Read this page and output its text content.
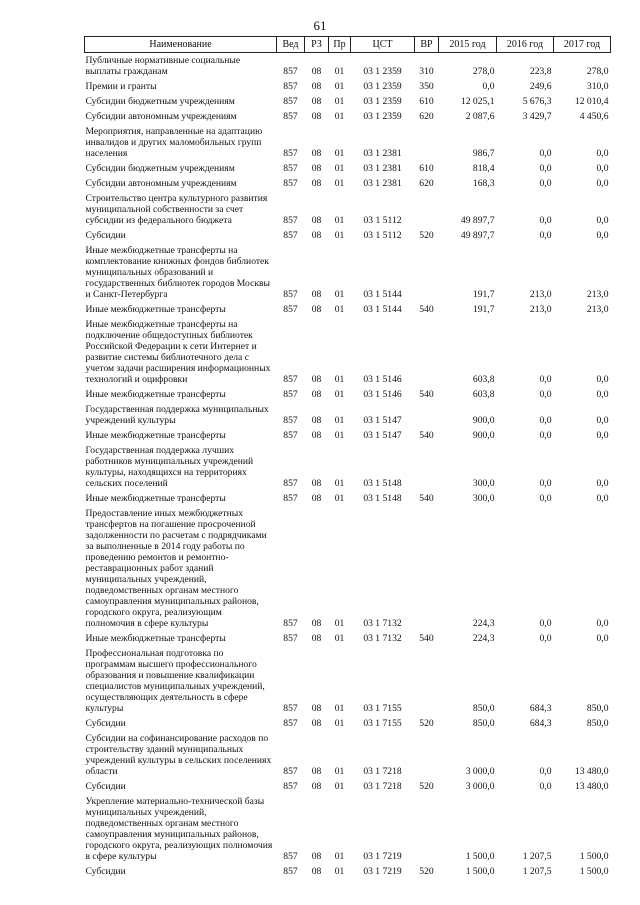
61
Наименование	Вед	РЗ	Пр	ЦСТ	ВР	2015 год	2016 год	2017 год
Публичные нормативные социальные выплаты гражданам	857	08	01	03 1 2359	310	278,0	223,8	278,0
Премии и гранты	857	08	01	03 1 2359	350	0,0	249,6	310,0
Субсидии бюджетным учреждениям	857	08	01	03 1 2359	610	12 025,1	5 676,3	12 010,4
Субсидии автономным учреждениям	857	08	01	03 1 2359	620	2 087,6	3 429,7	4 450,6
Мероприятия, направленные на адаптацию инвалидов и других маломобильных групп населения	857	08	01	03 1 2381		986,7	0,0	0,0
Субсидии бюджетным учреждениям	857	08	01	03 1 2381	610	818,4	0,0	0,0
Субсидии автономным учреждениям	857	08	01	03 1 2381	620	168,3	0,0	0,0
Строительство центра культурного развития муниципальной собственности за счет субсидии из федерального бюджета	857	08	01	03 1 5112		49 897,7	0,0	0,0
Субсидии	857	08	01	03 1 5112	520	49 897,7	0,0	0,0
Иные межбюджетные трансферты на комплектование книжных фондов библиотек муниципальных образований и государственных библиотек городов Москвы и Санкт-Петербурга	857	08	01	03 1 5144		191,7	213,0	213,0
Иные межбюджетные трансферты	857	08	01	03 1 5144	540	191,7	213,0	213,0
Иные межбюджетные трансферты на подключение общедоступных библиотек Российской Федерации к сети Интернет и развитие системы библиотечного дела с учетом задачи расширения информационных технологий и оцифровки	857	08	01	03 1 5146		603,8	0,0	0,0
Иные межбюджетные трансферты	857	08	01	03 1 5146	540	603,8	0,0	0,0
Государственная поддержка муниципальных учреждений культуры	857	08	01	03 1 5147		900,0	0,0	0,0
Иные межбюджетные трансферты	857	08	01	03 1 5147	540	900,0	0,0	0,0
Государственная поддержка лучших работников муниципальных учреждений культуры, находящихся на территориях сельских поселений	857	08	01	03 1 5148		300,0	0,0	0,0
Иные межбюджетные трансферты	857	08	01	03 1 5148	540	300,0	0,0	0,0
Предоставление иных межбюджетных трансфертов на погашение просроченной задолженности по расчетам с подрядчиками за выполненные в 2014 году работы по проведению ремонтов и ремонтно-реставрационных работ зданий муниципальных учреждений, подведомственных органам местного самоуправления муниципальных районов, городского округа, реализующим полномочия в сфере культуры	857	08	01	03 1 7132		224,3	0,0	0,0
Иные межбюджетные трансферты	857	08	01	03 1 7132	540	224,3	0,0	0,0
Профессиональная подготовка по программам высшего профессионального образования и повышение квалификации специалистов муниципальных учреждений, осуществляющих деятельность в сфере культуры	857	08	01	03 1 7155		850,0	684,3	850,0
Субсидии	857	08	01	03 1 7155	520	850,0	684,3	850,0
Субсидии на софинансирование расходов по строительству зданий муниципальных учреждений культуры в сельских поселениях области	857	08	01	03 1 7218		3 000,0	0,0	13 480,0
Субсидии	857	08	01	03 1 7218	520	3 000,0	0,0	13 480,0
Укрепление материально-технической базы муниципальных учреждений, подведомственных органам местного самоуправления муниципальных районов, городского округа, реализующих полномочия в сфере культуры	857	08	01	03 1 7219		1 500,0	1 207,5	1 500,0
Субсидии	857	08	01	03 1 7219	520	1 500,0	1 207,5	1 500,0
